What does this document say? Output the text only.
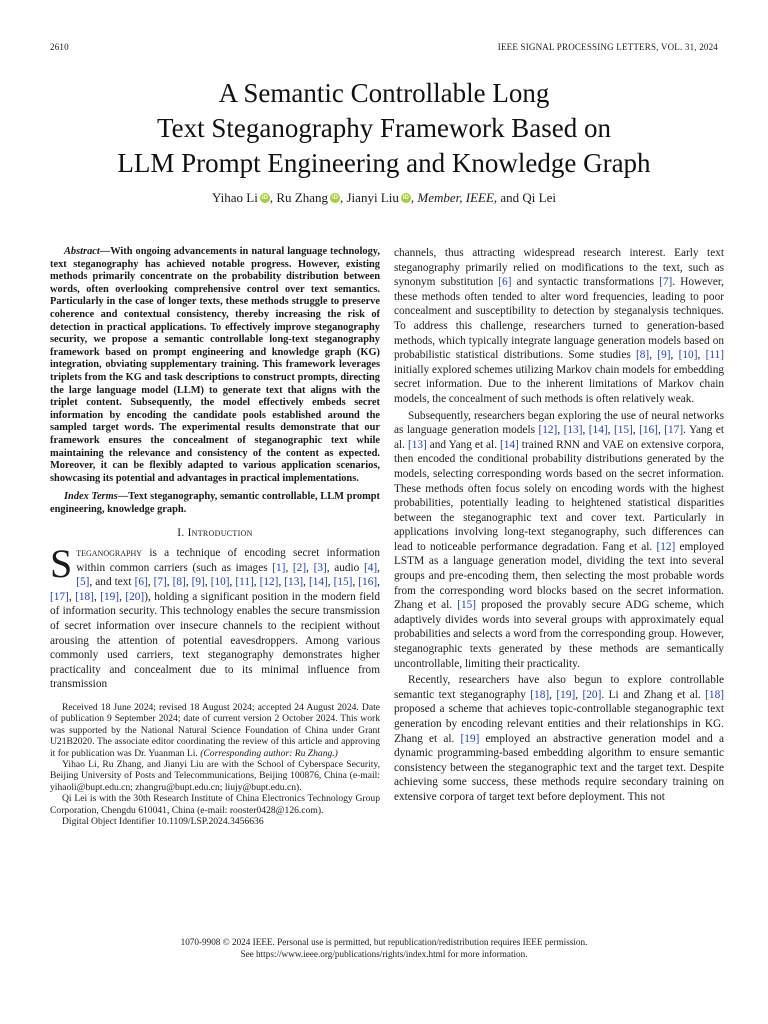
2610	IEEE SIGNAL PROCESSING LETTERS, VOL. 31, 2024
A Semantic Controllable Long
Text Steganography Framework Based on
LLM Prompt Engineering and Knowledge Graph
Yihao Li iD , Ru Zhang iD , Jianyi Liu iD , Member, IEEE, and Qi Lei

Abstract—With ongoing advancements in natural language technology, text steganography has achieved notable progress. However, existing methods primarily concentrate on the probability distribution between words, often overlooking comprehensive control over text semantics. Particularly in the case of longer texts, these methods struggle to preserve coherence and contextual consistency, thereby increasing the risk of detection in practical applications. To effectively improve steganography security, we propose a semantic controllable long-text steganography framework based on prompt engineering and knowledge graph (KG) integration, obviating supplementary training. This framework leverages triplets from the KG and task descriptions to construct prompts, directing the large language model (LLM) to generate text that aligns with the triplet content. Subsequently, the model effectively embeds secret information by encoding the candidate pools established around the sampled target words. The experimental results demonstrate that our framework ensures the concealment of steganographic text while maintaining the relevance and consistency of the content as expected. Moreover, it can be flexibly adapted to various application scenarios, showcasing its potential and advantages in practical implementations.

Index Terms—Text steganography, semantic controllable, LLM prompt engineering, knowledge graph.

I. Introduction

Steganography is a technique of encoding secret information within common carriers (such as images [1], [2], [3], audio [4], [5], and text [6], [7], [8], [9], [10], [11], [12], [13], [14], [15], [16], [17], [18], [19], [20]), holding a significant position in the modern field of information security. This technology enables the secure transmission of secret information over insecure channels to the recipient without arousing the attention of potential eavesdroppers. Among various commonly used carriers, text steganography demonstrates higher practicality and concealment due to its minimal influence from transmission

Received 18 June 2024; revised 18 August 2024; accepted 24 August 2024. Date of publication 9 September 2024; date of current version 2 October 2024. This work was supported by the National Natural Science Foundation of China under Grant U21B2020. The associate editor coordinating the review of this article and approving it for publication was Dr. Yuanman Li. (Corresponding author: Ru Zhang.)

Yihao Li, Ru Zhang, and Jianyi Liu are with the School of Cyberspace Security, Beijing University of Posts and Telecommunications, Beijing 100876, China (e-mail: yihaoli@bupt.edu.cn; zhangru@bupt.edu.cn; liujy@bupt.edu.cn).

Qi Lei is with the 30th Research Institute of China Electronics Technology Group Corporation, Chengdu 610041, China (e-mail: rooster0428@126.com).

Digital Object Identifier 10.1109/LSP.2024.3456636

channels, thus attracting widespread research interest. Early text steganography primarily relied on modifications to the text, such as synonym substitution [6] and syntactic transformations [7]. However, these methods often tended to alter word frequencies, leading to poor concealment and susceptibility to detection by steganalysis techniques. To address this challenge, researchers turned to generation-based methods, which typically integrate language generation models based on probabilistic statistical distributions. Some studies [8], [9], [10], [11] initially explored schemes utilizing Markov chain models for embedding secret information. Due to the inherent limitations of Markov chain models, the concealment of such methods is often relatively weak.

Subsequently, researchers began exploring the use of neural networks as language generation models [12], [13], [14], [15], [16], [17]. Yang et al. [13] and Yang et al. [14] trained RNN and VAE on extensive corpora, then encoded the conditional probability distributions generated by the models, selecting corresponding words based on the secret information. These methods often focus solely on encoding words with the highest probabilities, potentially leading to heightened statistical disparities between the steganographic text and cover text. Particularly in applications involving long-text steganography, such differences can lead to noticeable performance degradation. Fang et al. [12] employed LSTM as a language generation model, dividing the text into several groups and pre-encoding them, then selecting the most probable words from the corresponding word blocks based on the secret information. Zhang et al. [15] proposed the provably secure ADG scheme, which adaptively divides words into several groups with approximately equal probabilities and selects a word from the corresponding group. However, steganographic texts generated by these methods are semantically uncontrollable, limiting their practicality.

Recently, researchers have also begun to explore controllable semantic text steganography [18], [19], [20]. Li and Zhang et al. [18] proposed a scheme that achieves topic-controllable steganographic text generation by encoding relevant entities and their relationships in KG. Zhang et al. [19] employed an abstractive generation model and a dynamic programming-based embedding algorithm to ensure semantic consistency between the steganographic text and the target text. Despite achieving some success, these methods require secondary training on extensive corpora of target text before deployment. This not

1070-9908 © 2024 IEEE. Personal use is permitted, but republication/redistribution requires IEEE permission.
See https://www.ieee.org/publications/rights/index.html for more information.
